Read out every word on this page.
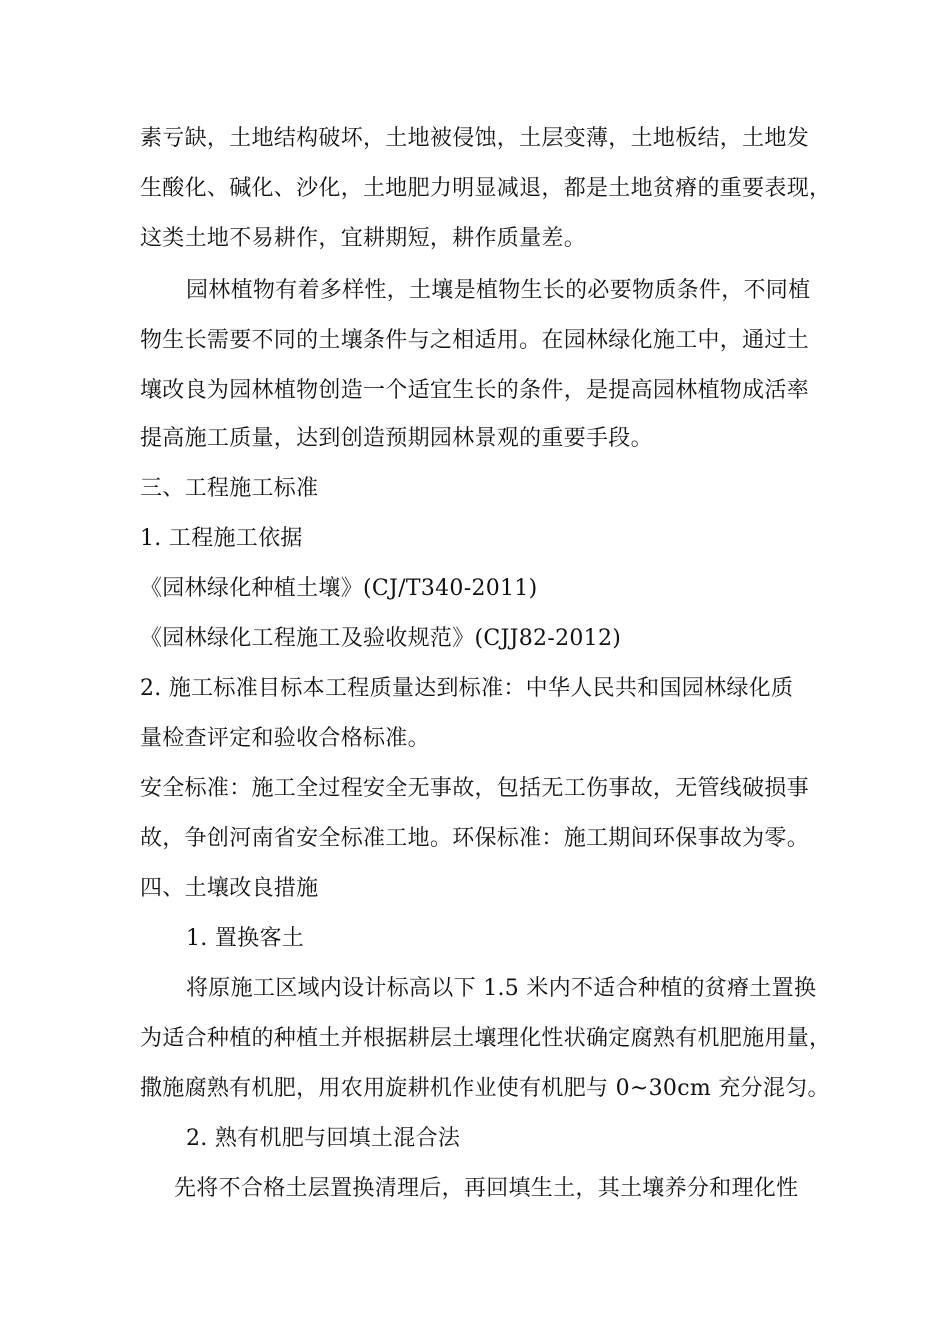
素亏缺，土地结构破坏，土地被侵蚀，土层变薄，土地板结，土地发
生酸化、碱化、沙化，土地肥力明显减退，都是土地贫瘠的重要表现，
这类土地不易耕作，宜耕期短，耕作质量差。
园林植物有着多样性，土壤是植物生长的必要物质条件，不同植
物生长需要不同的土壤条件与之相适用。在园林绿化施工中，通过土
壤改良为园林植物创造一个适宜生长的条件，是提高园林植物成活率
提高施工质量，达到创造预期园林景观的重要手段。
三、工程施工标准
1. 工程施工依据
《园林绿化种植土壤》(CJ/T340-2011)
《园林绿化工程施工及验收规范》(CJJ82-2012)
2. 施工标准目标本工程质量达到标准：中华人民共和国园林绿化质
量检查评定和验收合格标准。
安全标准：施工全过程安全无事故，包括无工伤事故，无管线破损事
故，争创河南省安全标准工地。环保标准：施工期间环保事故为零。
四、土壤改良措施
1. 置换客土
将原施工区域内设计标高以下 1.5 米内不适合种植的贫瘠土置换
为适合种植的种植土并根据耕层土壤理化性状确定腐熟有机肥施用量，
撒施腐熟有机肥，用农用旋耕机作业使有机肥与 0~30cm 充分混匀。
2. 熟有机肥与回填土混合法
先将不合格土层置换清理后，再回填生土，其土壤养分和理化性
